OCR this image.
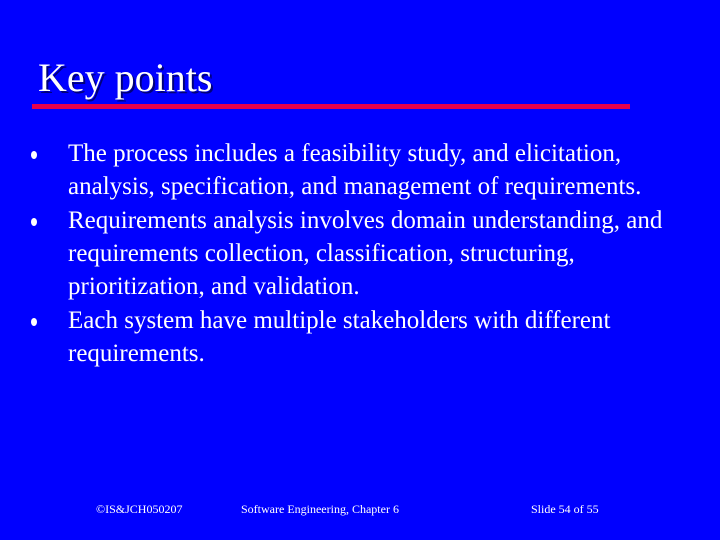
Key points
The process includes a feasibility study, and elicitation, analysis, specification, and management of requirements.
Requirements analysis involves domain understanding, and requirements collection, classification, structuring, prioritization, and validation.
Each system have multiple stakeholders with different requirements.
©IS&JCH050207	Software Engineering, Chapter 6	Slide 54 of 55
